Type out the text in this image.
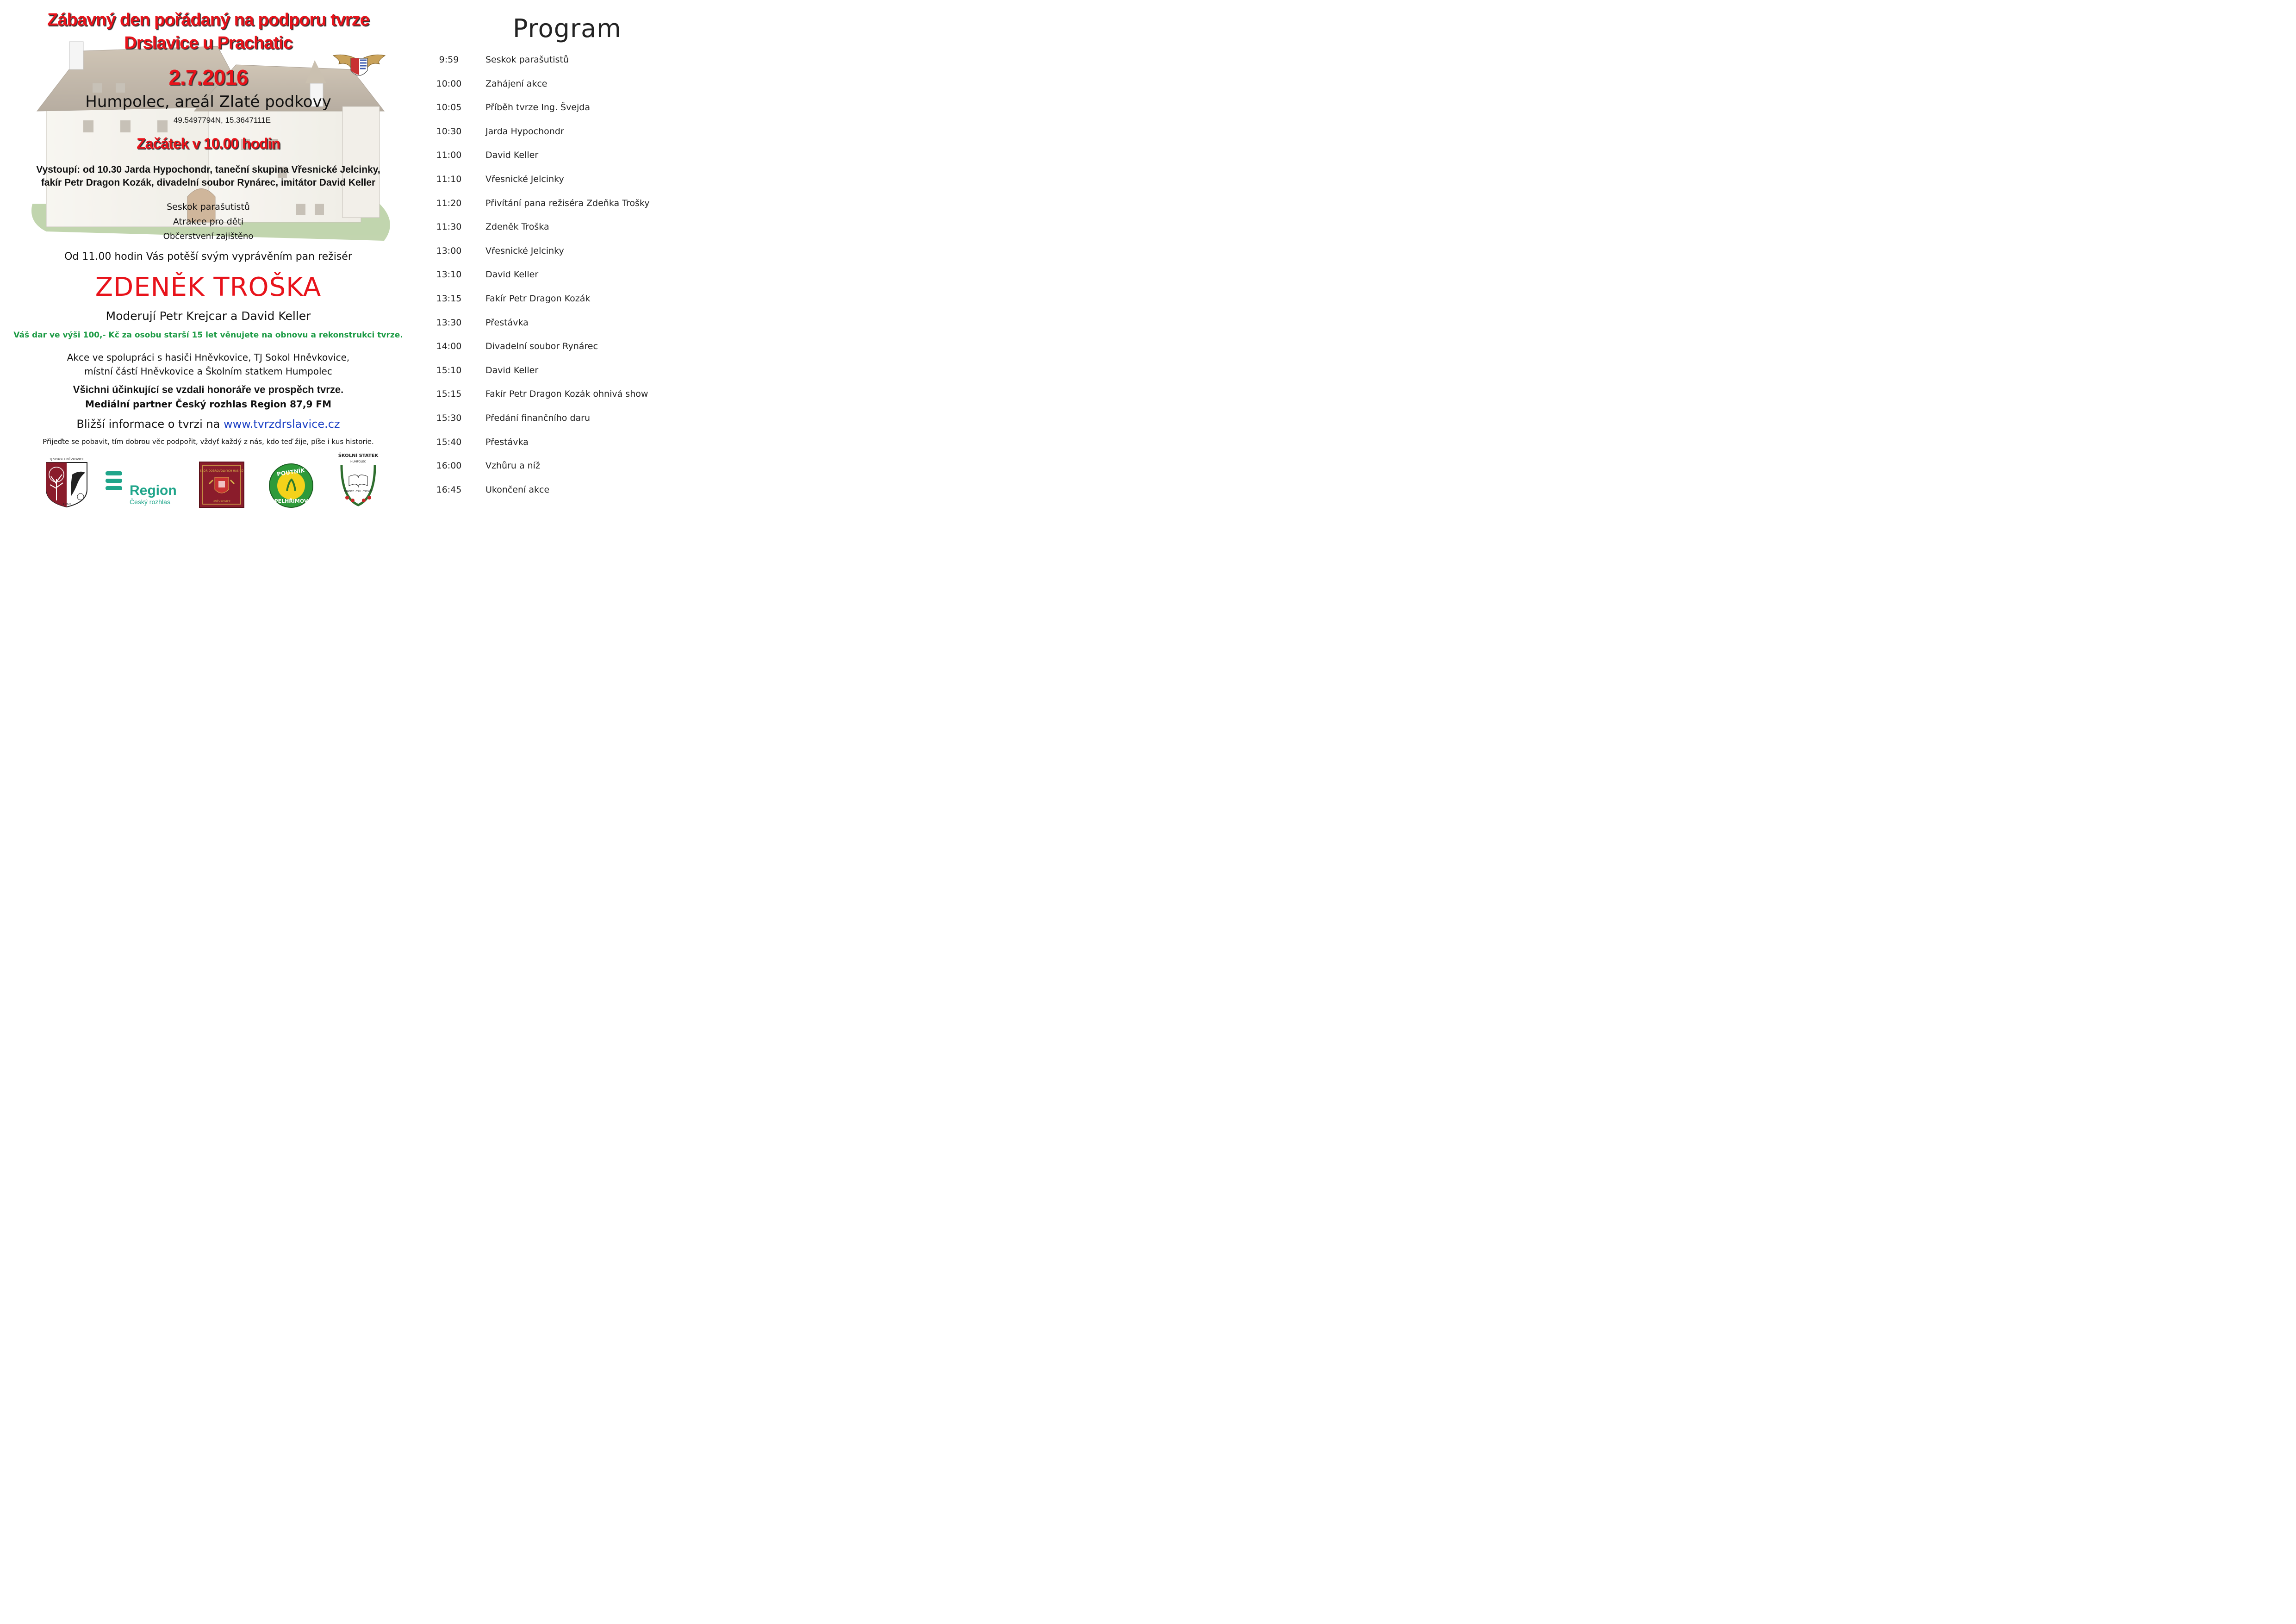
Zábavný den pořádaný na podporu tvrze
Drslavice u Prachatic
2.7.2016
Humpolec, areál Zlaté podkovy
49.5497794N, 15.3647111E
Začátek v 10.00 hodin
Vystoupí: od 10.30 Jarda Hypochondr, taneční skupina Vřesnické Jelcinky,
fakír Petr Dragon Kozák, divadelní soubor Rynárec, imitátor David Keller
Seskok parašutistů
Atrakce pro děti
Občerstvení zajištěno
Od 11.00 hodin Vás potěší svým vyprávěním pan režisér
ZDENĚK TROŠKA
Moderují Petr Krejcar a David Keller
Váš dar ve výši 100,- Kč za osobu starší 15 let věnujete na obnovu a rekonstrukci tvrze.
Akce ve spolupráci s hasiči Hněvkovice, TJ Sokol Hněvkovice,
místní částí Hněvkovice a Školním statkem Humpolec
Všichni účinkující se vzdali honoráře ve prospěch tvrze.
Mediální partner Český rozhlas Region 87,9 FM
Bližší informace o tvrzi na www.tvrzdrslavice.cz
Přijeďte se pobavit, tím dobrou věc podpořit, vždyť každý z nás, kdo teď žije, píše i kus historie.
TJ SOKOL HNĚVKOVICE
1969
Region
Český rozhlas
SBOR DOBROVOLNÝCH HASIČŮ
HNĚVKOVICE
POUTNÍK
PELHŘIMOV
ŠKOLNÍ STATEK
HUMPOLEC
TRADICE · TRH · TRENDY
Program
9:59	Seskok parašutistů
10:00	Zahájení akce
10:05	Příběh tvrze Ing. Švejda
10:30	Jarda Hypochondr
11:00	David Keller
11:10	Vřesnické Jelcinky
11:20	Přivítání pana režiséra Zdeňka Trošky
11:30	Zdeněk Troška
13:00	Vřesnické Jelcinky
13:10	David Keller
13:15	Fakír Petr Dragon Kozák
13:30	Přestávka
14:00	Divadelní soubor Rynárec
15:10	David Keller
15:15	Fakír Petr Dragon Kozák ohnivá show
15:30	Předání finančního daru
15:40	Přestávka
16:00	Vzhůru a níž
16:45	Ukončení akce
